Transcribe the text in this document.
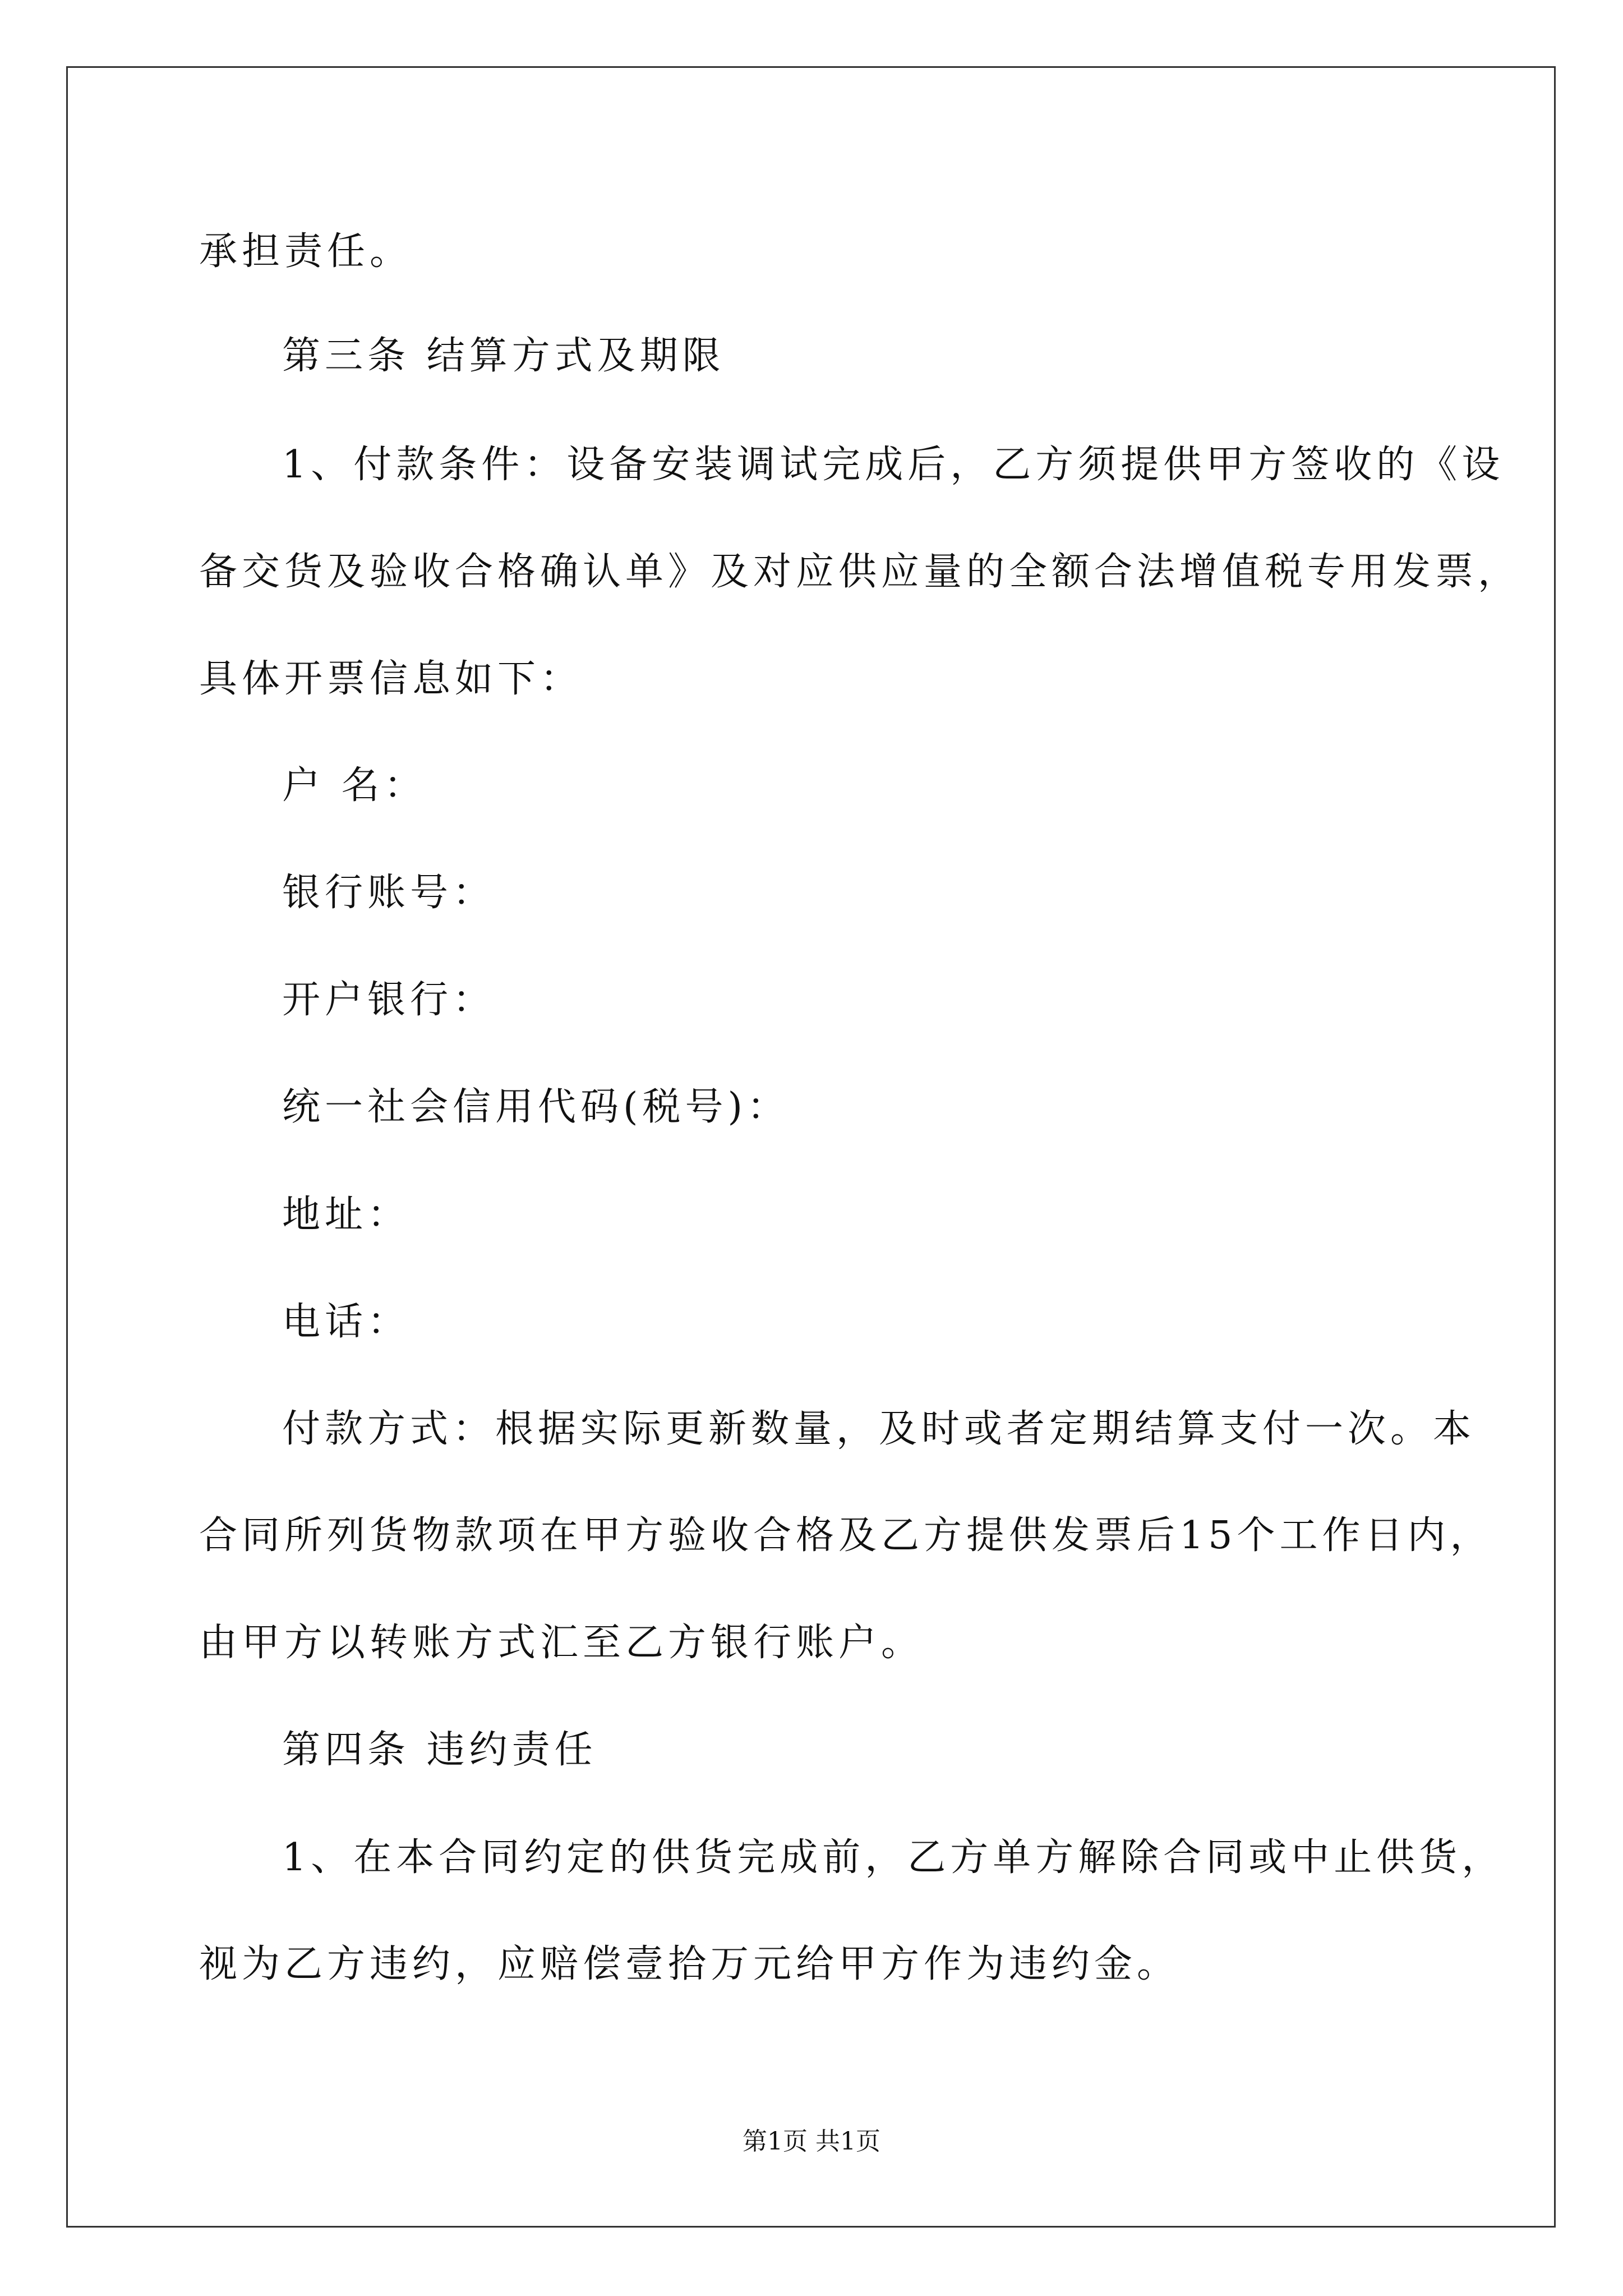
承担责任。
第三条 结算方式及期限
1、付款条件：设备安装调试完成后，乙方须提供甲方签收的《设
备交货及验收合格确认单》及对应供应量的全额合法增值税专用发票，
具体开票信息如下：
户 名：
银行账号：
开户银行：
统一社会信用代码(税号)：
地址：
电话：
付款方式：根据实际更新数量，及时或者定期结算支付一次。本
合同所列货物款项在甲方验收合格及乙方提供发票后15个工作日内，
由甲方以转账方式汇至乙方银行账户。
第四条 违约责任
1、在本合同约定的供货完成前，乙方单方解除合同或中止供货，
视为乙方违约，应赔偿壹拾万元给甲方作为违约金。
第1页 共1页
